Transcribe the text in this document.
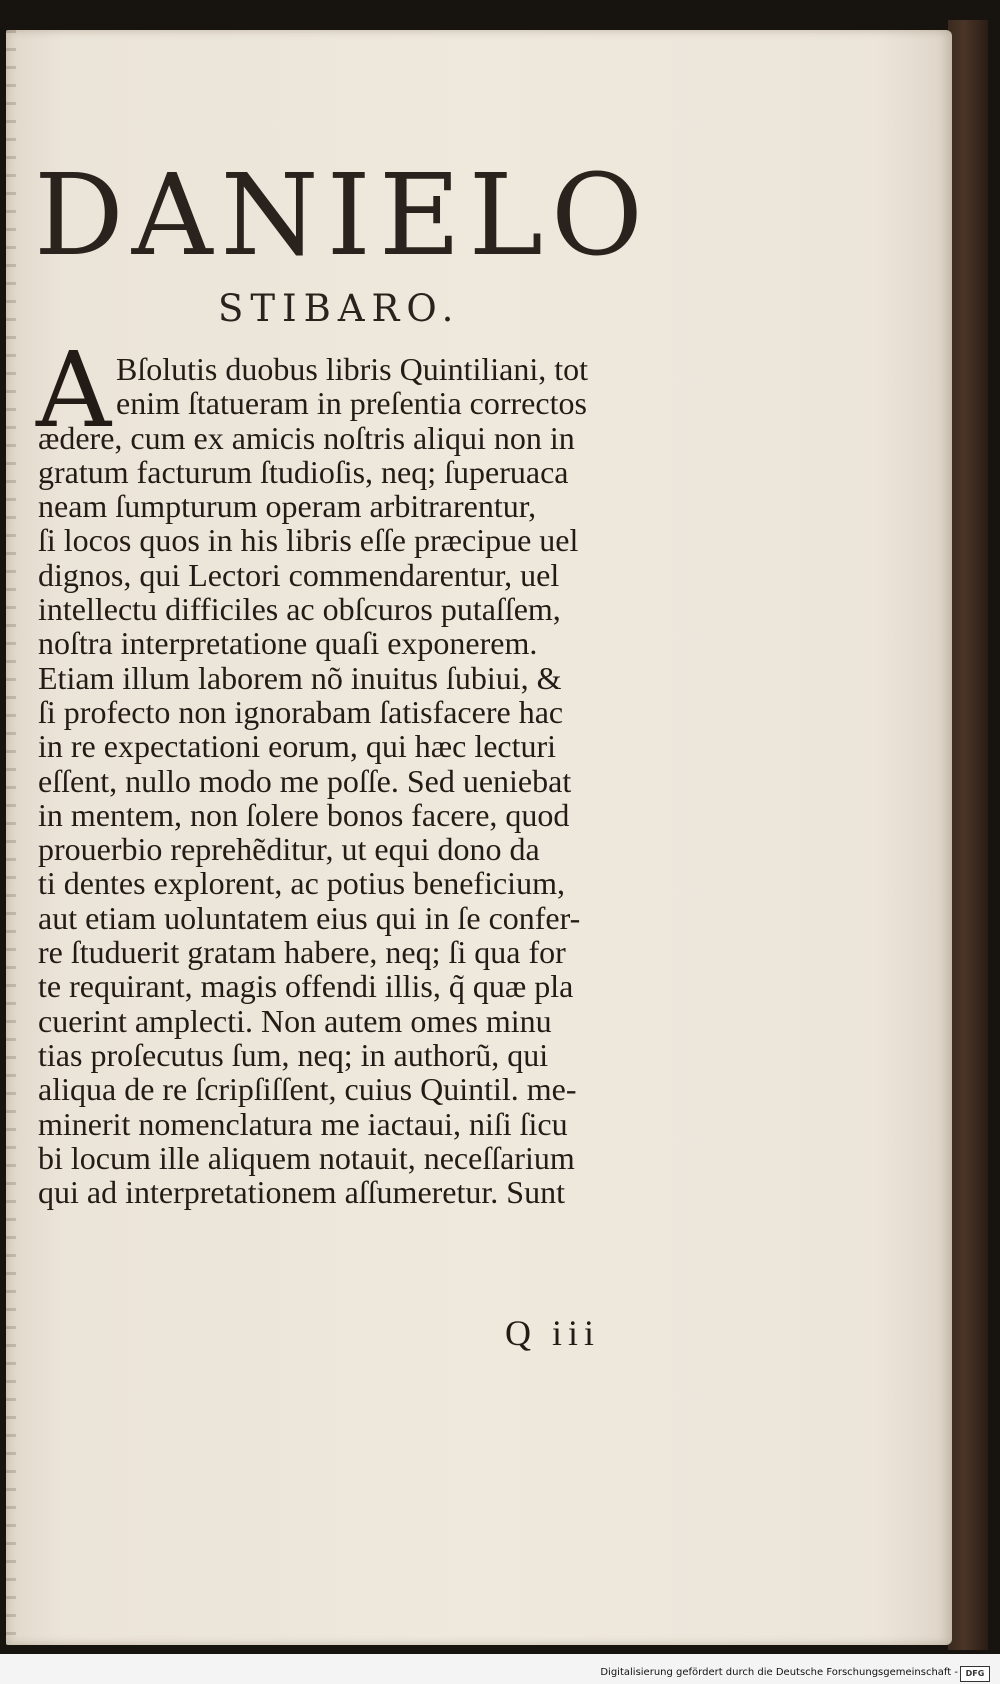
DANIELO
STIBARO.
A Bſolutis duobus libris Quintiliani, tot
enim ſtatueram in preſentia correctos
ædere, cum ex amicis noſtris aliqui non in
gratum facturum ſtudioſis, neq; ſuperuaca
neam ſumpturum operam arbitrarentur,
ſi locos quos in his libris eſſe præcipue uel
dignos, qui Lectori commendarentur, uel
intellectu difficiles ac obſcuros putaſſem,
noſtra interpretatione quaſi exponerem.
Etiam illum laborem nõ inuitus ſubiui, &
ſi profecto non ignorabam ſatisfacere hac
in re expectationi eorum, qui hæc lecturi
eſſent, nullo modo me poſſe. Sed ueniebat
in mentem, non ſolere bonos facere, quod
prouerbio reprehẽditur, ut equi dono da
ti dentes explorent, ac potius beneficium,
aut etiam uoluntatem eius qui in ſe confer-
re ſtuduerit gratam habere, neq; ſi qua for
te requirant, magis offendi illis, q̃ quæ pla
cuerint amplecti. Non autem omes minu
tias proſecutus ſum, neq; in authorũ, qui
aliqua de re ſcripſiſſent, cuius Quintil. me-
minerit nomenclatura me iactaui, niſi ſicu
bi locum ille aliquem notauit, neceſſarium
qui ad interpretationem aſſumeretur. Sunt
Q iii
Digitalisierung gefördert durch die Deutsche Forschungsgemeinschaft - DFG
